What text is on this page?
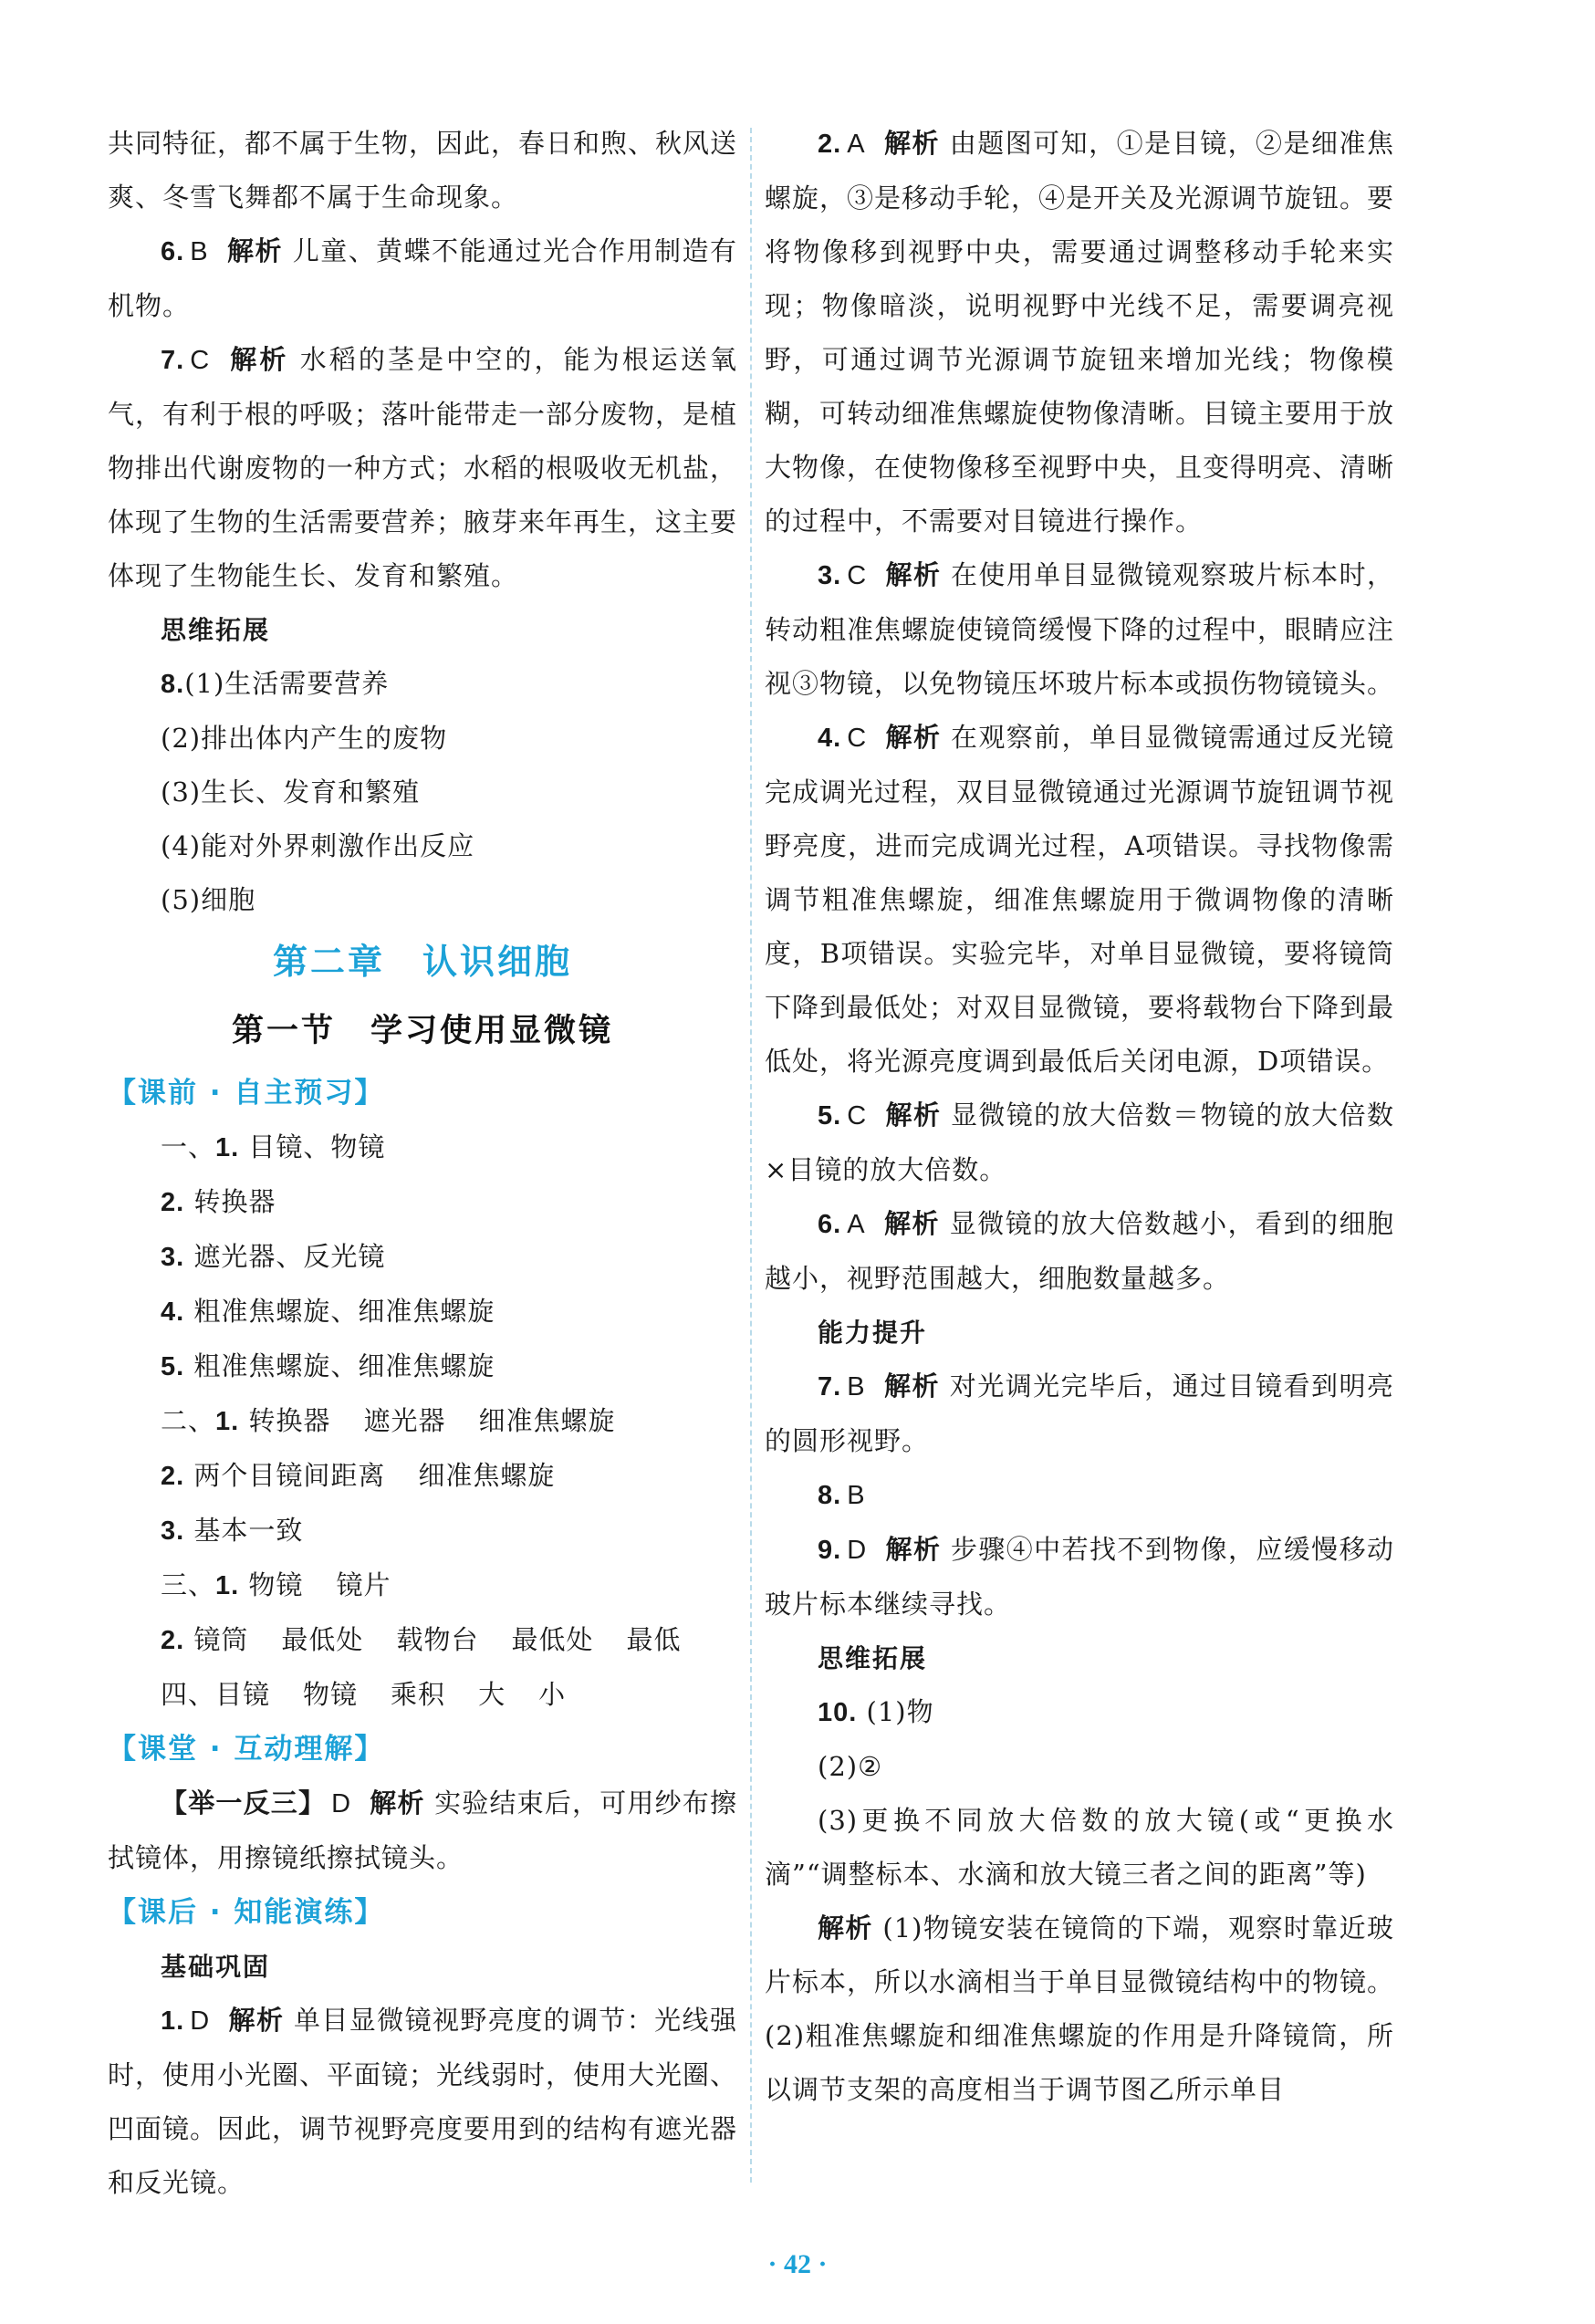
共同特征，都不属于生物，因此，春日和煦、秋风送爽、冬雪飞舞都不属于生命现象。

6. B 解析 儿童、黄蝶不能通过光合作用制造有机物。

7. C 解析 水稻的茎是中空的，能为根运送氧气，有利于根的呼吸；落叶能带走一部分废物，是植物排出代谢废物的一种方式；水稻的根吸收无机盐，体现了生物的生活需要营养；腋芽来年再生，这主要体现了生物能生长、发育和繁殖。

思维拓展

8.(1)生活需要营养

(2)排出体内产生的废物

(3)生长、发育和繁殖

(4)能对外界刺激作出反应

(5)细胞

第二章　认识细胞

第一节　学习使用显微镜

【课前 · 自主预习】

一、1. 目镜、物镜

2. 转换器

3. 遮光器、反光镜

4. 粗准焦螺旋、细准焦螺旋

5. 粗准焦螺旋、细准焦螺旋

二、1. 转换器 遮光器 细准焦螺旋

2. 两个目镜间距离 细准焦螺旋

3. 基本一致

三、1. 物镜 镜片

2. 镜筒 最低处 载物台 最低处 最低

四、目镜 物镜 乘积 大 小

【课堂 · 互动理解】

【举一反三】 D 解析 实验结束后，可用纱布擦拭镜体，用擦镜纸擦拭镜头。

【课后 · 知能演练】

基础巩固

1. D 解析 单目显微镜视野亮度的调节：光线强时，使用小光圈、平面镜；光线弱时，使用大光圈、凹面镜。因此，调节视野亮度要用到的结构有遮光器和反光镜。

2. A 解析 由题图可知，①是目镜，②是细准焦螺旋，③是移动手轮，④是开关及光源调节旋钮。要将物像移到视野中央，需要通过调整移动手轮来实现；物像暗淡，说明视野中光线不足，需要调亮视野，可通过调节光源调节旋钮来增加光线；物像模糊，可转动细准焦螺旋使物像清晰。目镜主要用于放大物像，在使物像移至视野中央，且变得明亮、清晰的过程中，不需要对目镜进行操作。

3. C 解析 在使用单目显微镜观察玻片标本时，转动粗准焦螺旋使镜筒缓慢下降的过程中，眼睛应注视③物镜，以免物镜压坏玻片标本或损伤物镜镜头。

4. C 解析 在观察前，单目显微镜需通过反光镜完成调光过程，双目显微镜通过光源调节旋钮调节视野亮度，进而完成调光过程，A项错误。寻找物像需调节粗准焦螺旋，细准焦螺旋用于微调物像的清晰度，B项错误。实验完毕，对单目显微镜，要将镜筒下降到最低处；对双目显微镜，要将载物台下降到最低处，将光源亮度调到最低后关闭电源，D项错误。

5. C 解析 显微镜的放大倍数＝物镜的放大倍数×目镜的放大倍数。

6. A 解析 显微镜的放大倍数越小，看到的细胞越小，视野范围越大，细胞数量越多。

能力提升

7. B 解析 对光调光完毕后，通过目镜看到明亮的圆形视野。

8. B

9. D 解析 步骤④中若找不到物像，应缓慢移动玻片标本继续寻找。

思维拓展

10. (1)物

(2)②

(3)更换不同放大倍数的放大镜(或“更换水滴”“调整标本、水滴和放大镜三者之间的距离”等)

解析 (1)物镜安装在镜筒的下端，观察时靠近玻片标本，所以水滴相当于单目显微镜结构中的物镜。(2)粗准焦螺旋和细准焦螺旋的作用是升降镜筒，所以调节支架的高度相当于调节图乙所示单目

· 42 ·
